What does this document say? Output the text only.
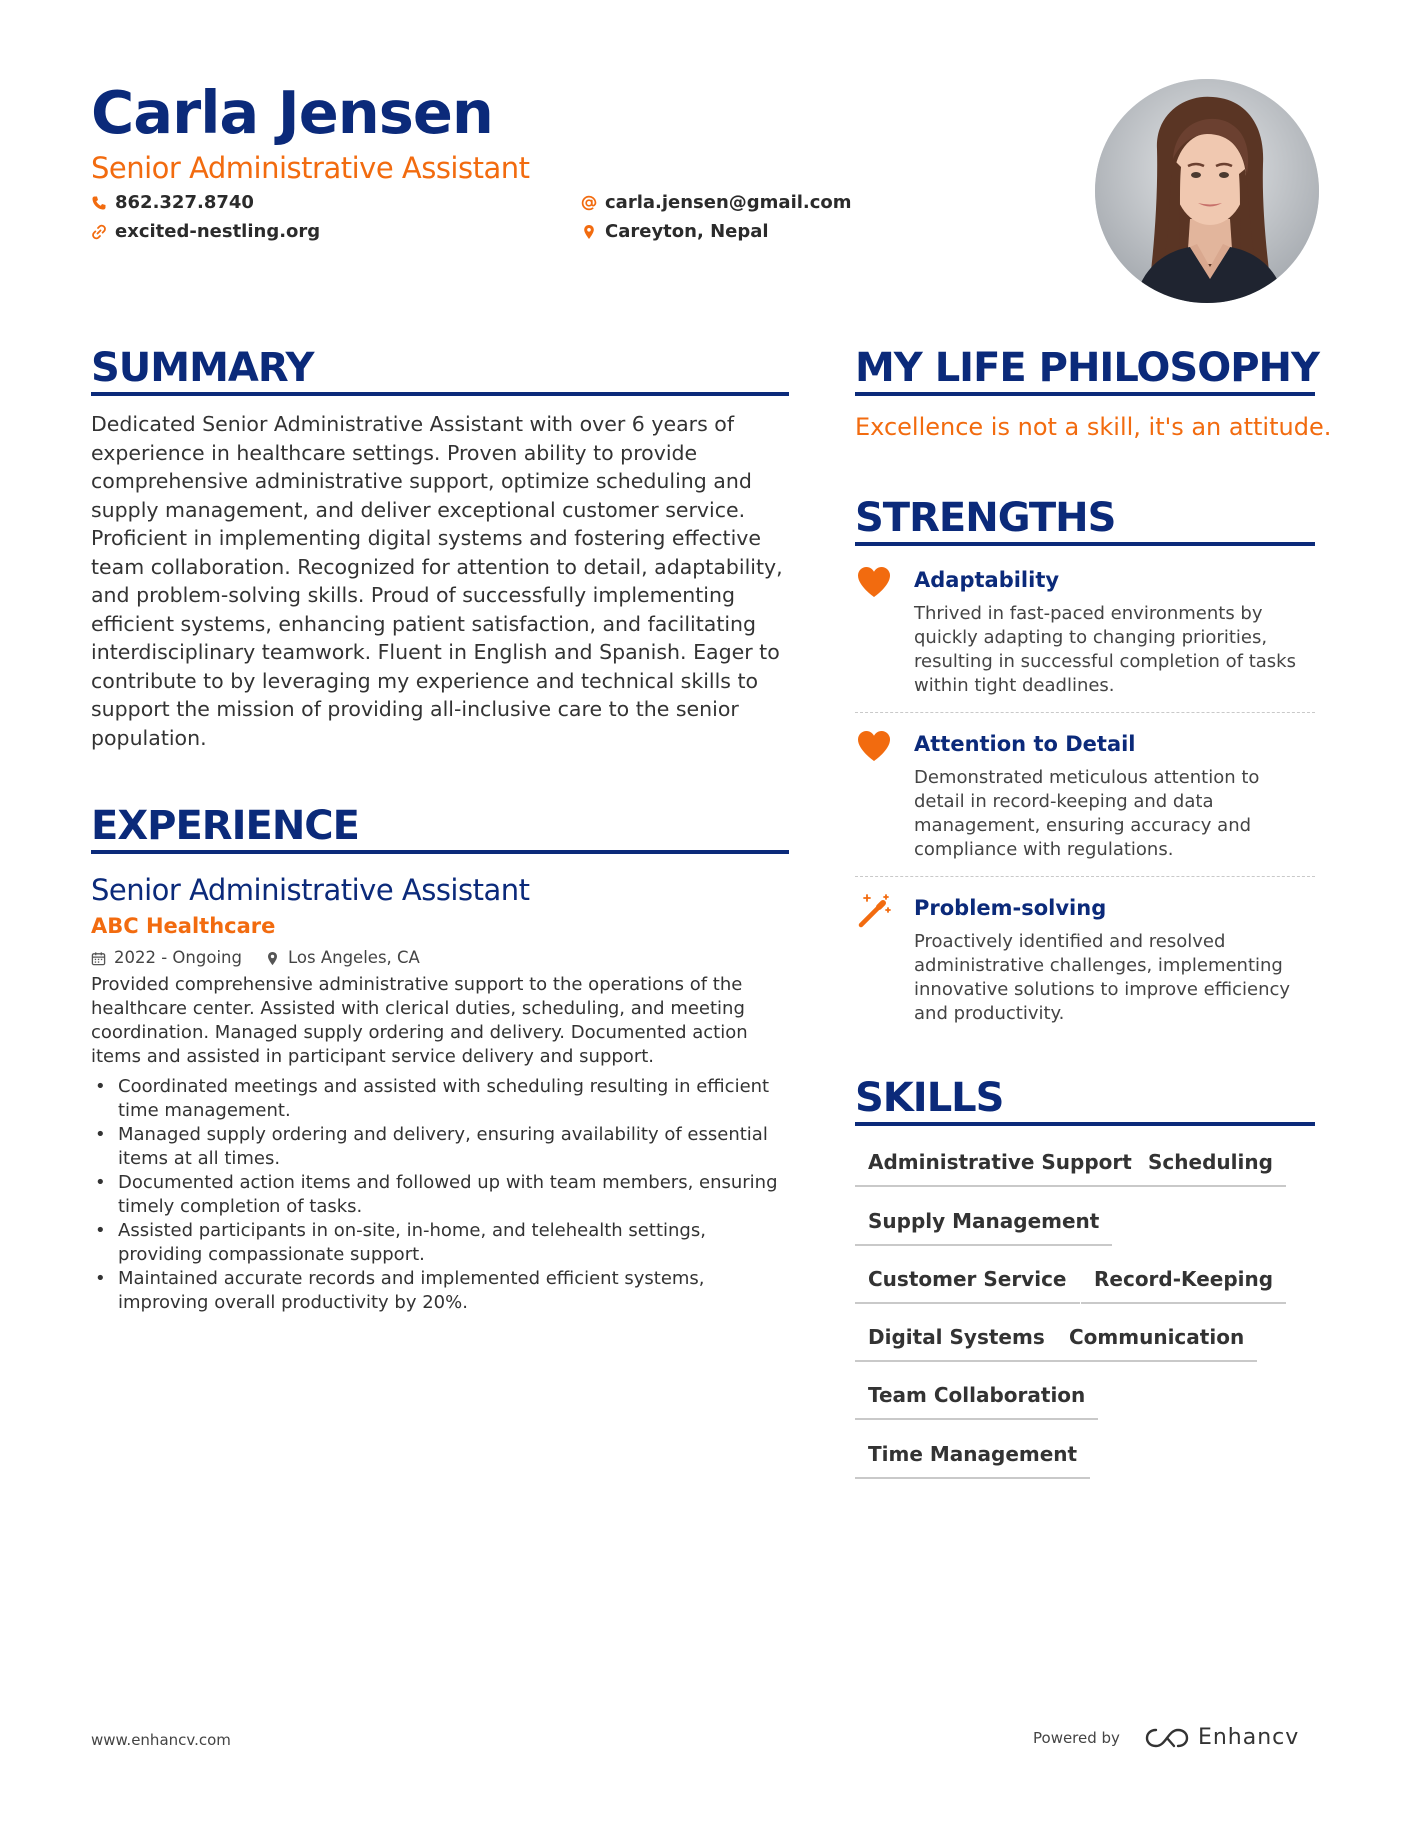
Carla Jensen
Senior Administrative Assistant
862.327.8740
excited-nestling.org
carla.jensen@gmail.com
Careyton, Nepal
SUMMARY
Dedicated Senior Administrative Assistant with over 6 years of experience in healthcare settings. Proven ability to provide comprehensive administrative support, optimize scheduling and supply management, and deliver exceptional customer service. Proficient in implementing digital systems and fostering effective team collaboration. Recognized for attention to detail, adaptability, and problem-solving skills. Proud of successfully implementing efficient systems, enhancing patient satisfaction, and facilitating interdisciplinary teamwork. Fluent in English and Spanish. Eager to contribute to by leveraging my experience and technical skills to support the mission of providing all-inclusive care to the senior population.
EXPERIENCE
Senior Administrative Assistant
ABC Healthcare
2022 - Ongoing	Los Angeles, CA
Provided comprehensive administrative support to the operations of the healthcare center. Assisted with clerical duties, scheduling, and meeting coordination. Managed supply ordering and delivery. Documented action items and assisted in participant service delivery and support.
• Coordinated meetings and assisted with scheduling resulting in efficient time management.
• Managed supply ordering and delivery, ensuring availability of essential items at all times.
• Documented action items and followed up with team members, ensuring timely completion of tasks.
• Assisted participants in on-site, in-home, and telehealth settings, providing compassionate support.
• Maintained accurate records and implemented efficient systems, improving overall productivity by 20%.
MY LIFE PHILOSOPHY
Excellence is not a skill, it's an attitude.
STRENGTHS
Adaptability
Thrived in fast-paced environments by quickly adapting to changing priorities, resulting in successful completion of tasks within tight deadlines.
Attention to Detail
Demonstrated meticulous attention to detail in record-keeping and data management, ensuring accuracy and compliance with regulations.
Problem-solving
Proactively identified and resolved administrative challenges, implementing innovative solutions to improve efficiency and productivity.
SKILLS
Administrative Support Scheduling
Supply Management
Customer Service	Record-Keeping
Digital Systems	Communication
Team Collaboration
Time Management
www.enhancv.com	Powered by	Enhancv
